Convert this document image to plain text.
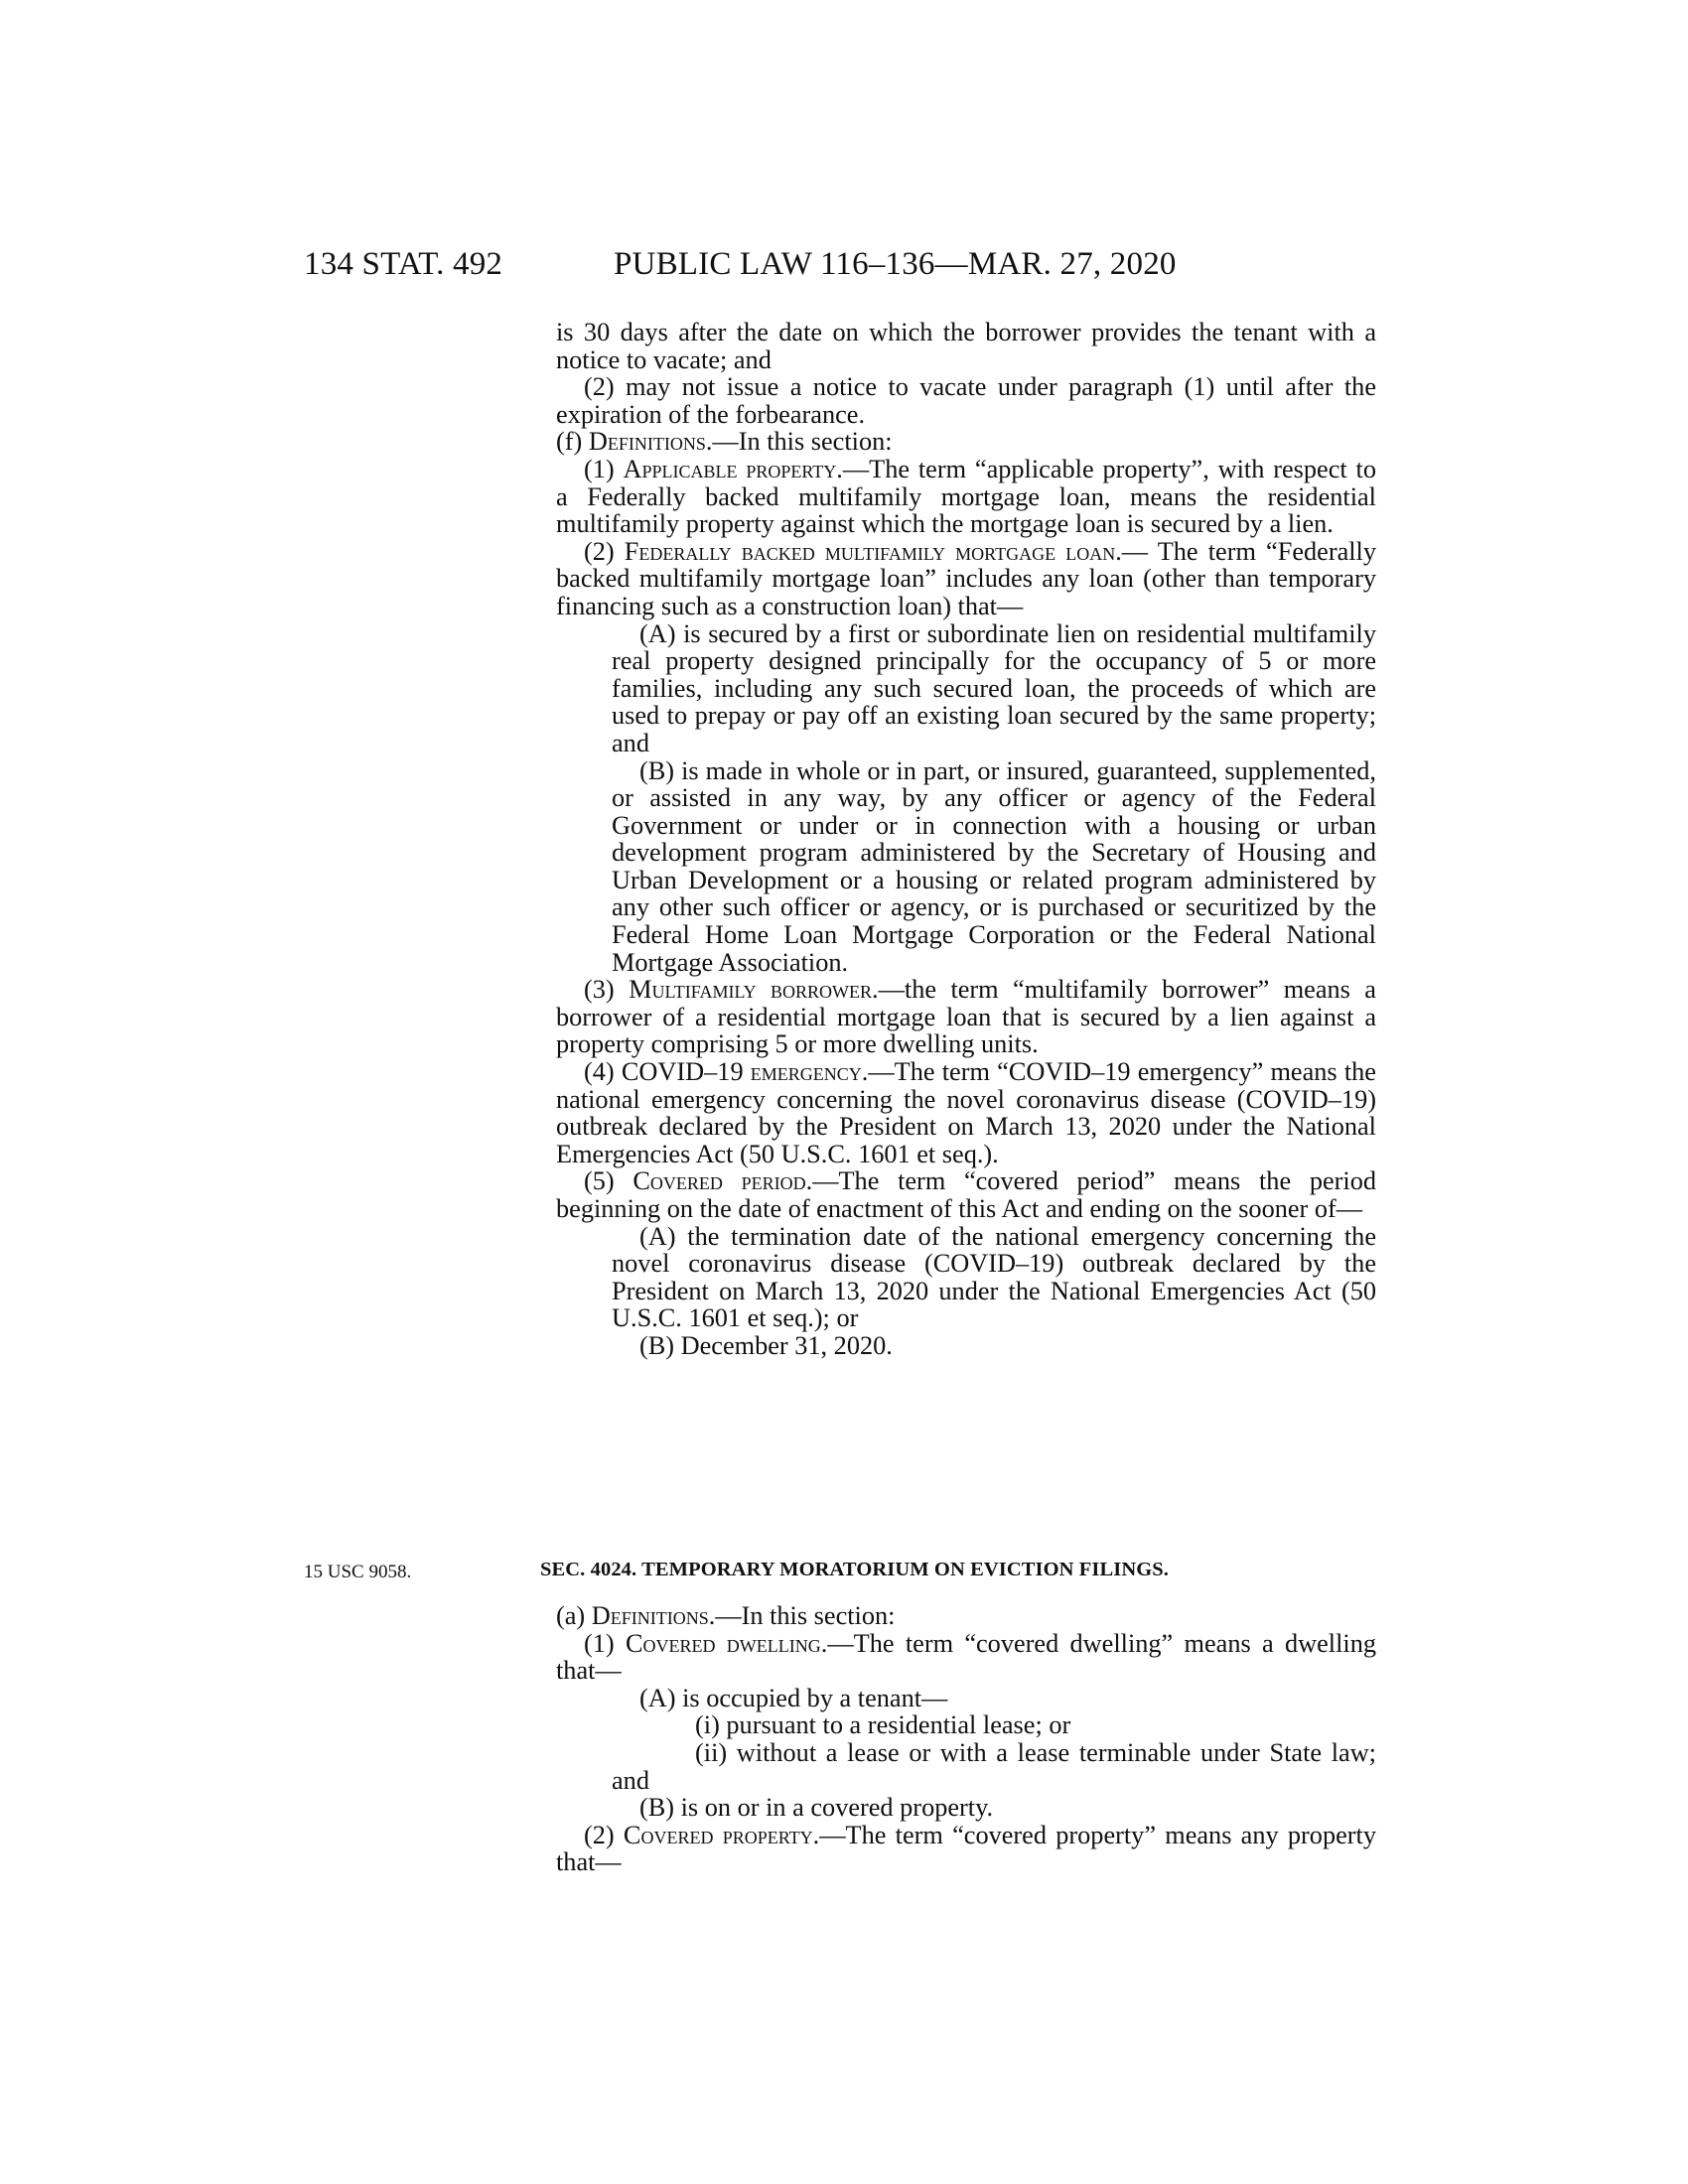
134 STAT. 492	PUBLIC LAW 116–136—MAR. 27, 2020

is 30 days after the date on which the borrower provides the tenant with a notice to vacate; and

(2) may not issue a notice to vacate under paragraph (1) until after the expiration of the forbearance.

(f) Definitions.—In this section:

(1) Applicable property.—The term “applicable property”, with respect to a Federally backed multifamily mortgage loan, means the residential multifamily property against which the mortgage loan is secured by a lien.

(2) Federally backed multifamily mortgage loan.— The term “Federally backed multifamily mortgage loan” includes any loan (other than temporary financing such as a construction loan) that—

(A) is secured by a first or subordinate lien on residential multifamily real property designed principally for the occupancy of 5 or more families, including any such secured loan, the proceeds of which are used to prepay or pay off an existing loan secured by the same property; and

(B) is made in whole or in part, or insured, guaranteed, supplemented, or assisted in any way, by any officer or agency of the Federal Government or under or in connection with a housing or urban development program administered by the Secretary of Housing and Urban Development or a housing or related program administered by any other such officer or agency, or is purchased or securitized by the Federal Home Loan Mortgage Corporation or the Federal National Mortgage Association.

(3) Multifamily borrower.—the term “multifamily borrower” means a borrower of a residential mortgage loan that is secured by a lien against a property comprising 5 or more dwelling units.

(4) COVID–19 emergency.—The term “COVID–19 emergency” means the national emergency concerning the novel coronavirus disease (COVID–19) outbreak declared by the President on March 13, 2020 under the National Emergencies Act (50 U.S.C. 1601 et seq.).

(5) Covered period.—The term “covered period” means the period beginning on the date of enactment of this Act and ending on the sooner of—

(A) the termination date of the national emergency concerning the novel coronavirus disease (COVID–19) outbreak declared by the President on March 13, 2020 under the National Emergencies Act (50 U.S.C. 1601 et seq.); or

(B) December 31, 2020.

15 USC 9058.	SEC. 4024. TEMPORARY MORATORIUM ON EVICTION FILINGS.

(a) Definitions.—In this section:

(1) Covered dwelling.—The term “covered dwelling” means a dwelling that—

(A) is occupied by a tenant—

(i) pursuant to a residential lease; or

(ii) without a lease or with a lease terminable under State law; and

(B) is on or in a covered property.

(2) Covered property.—The term “covered property” means any property that—
